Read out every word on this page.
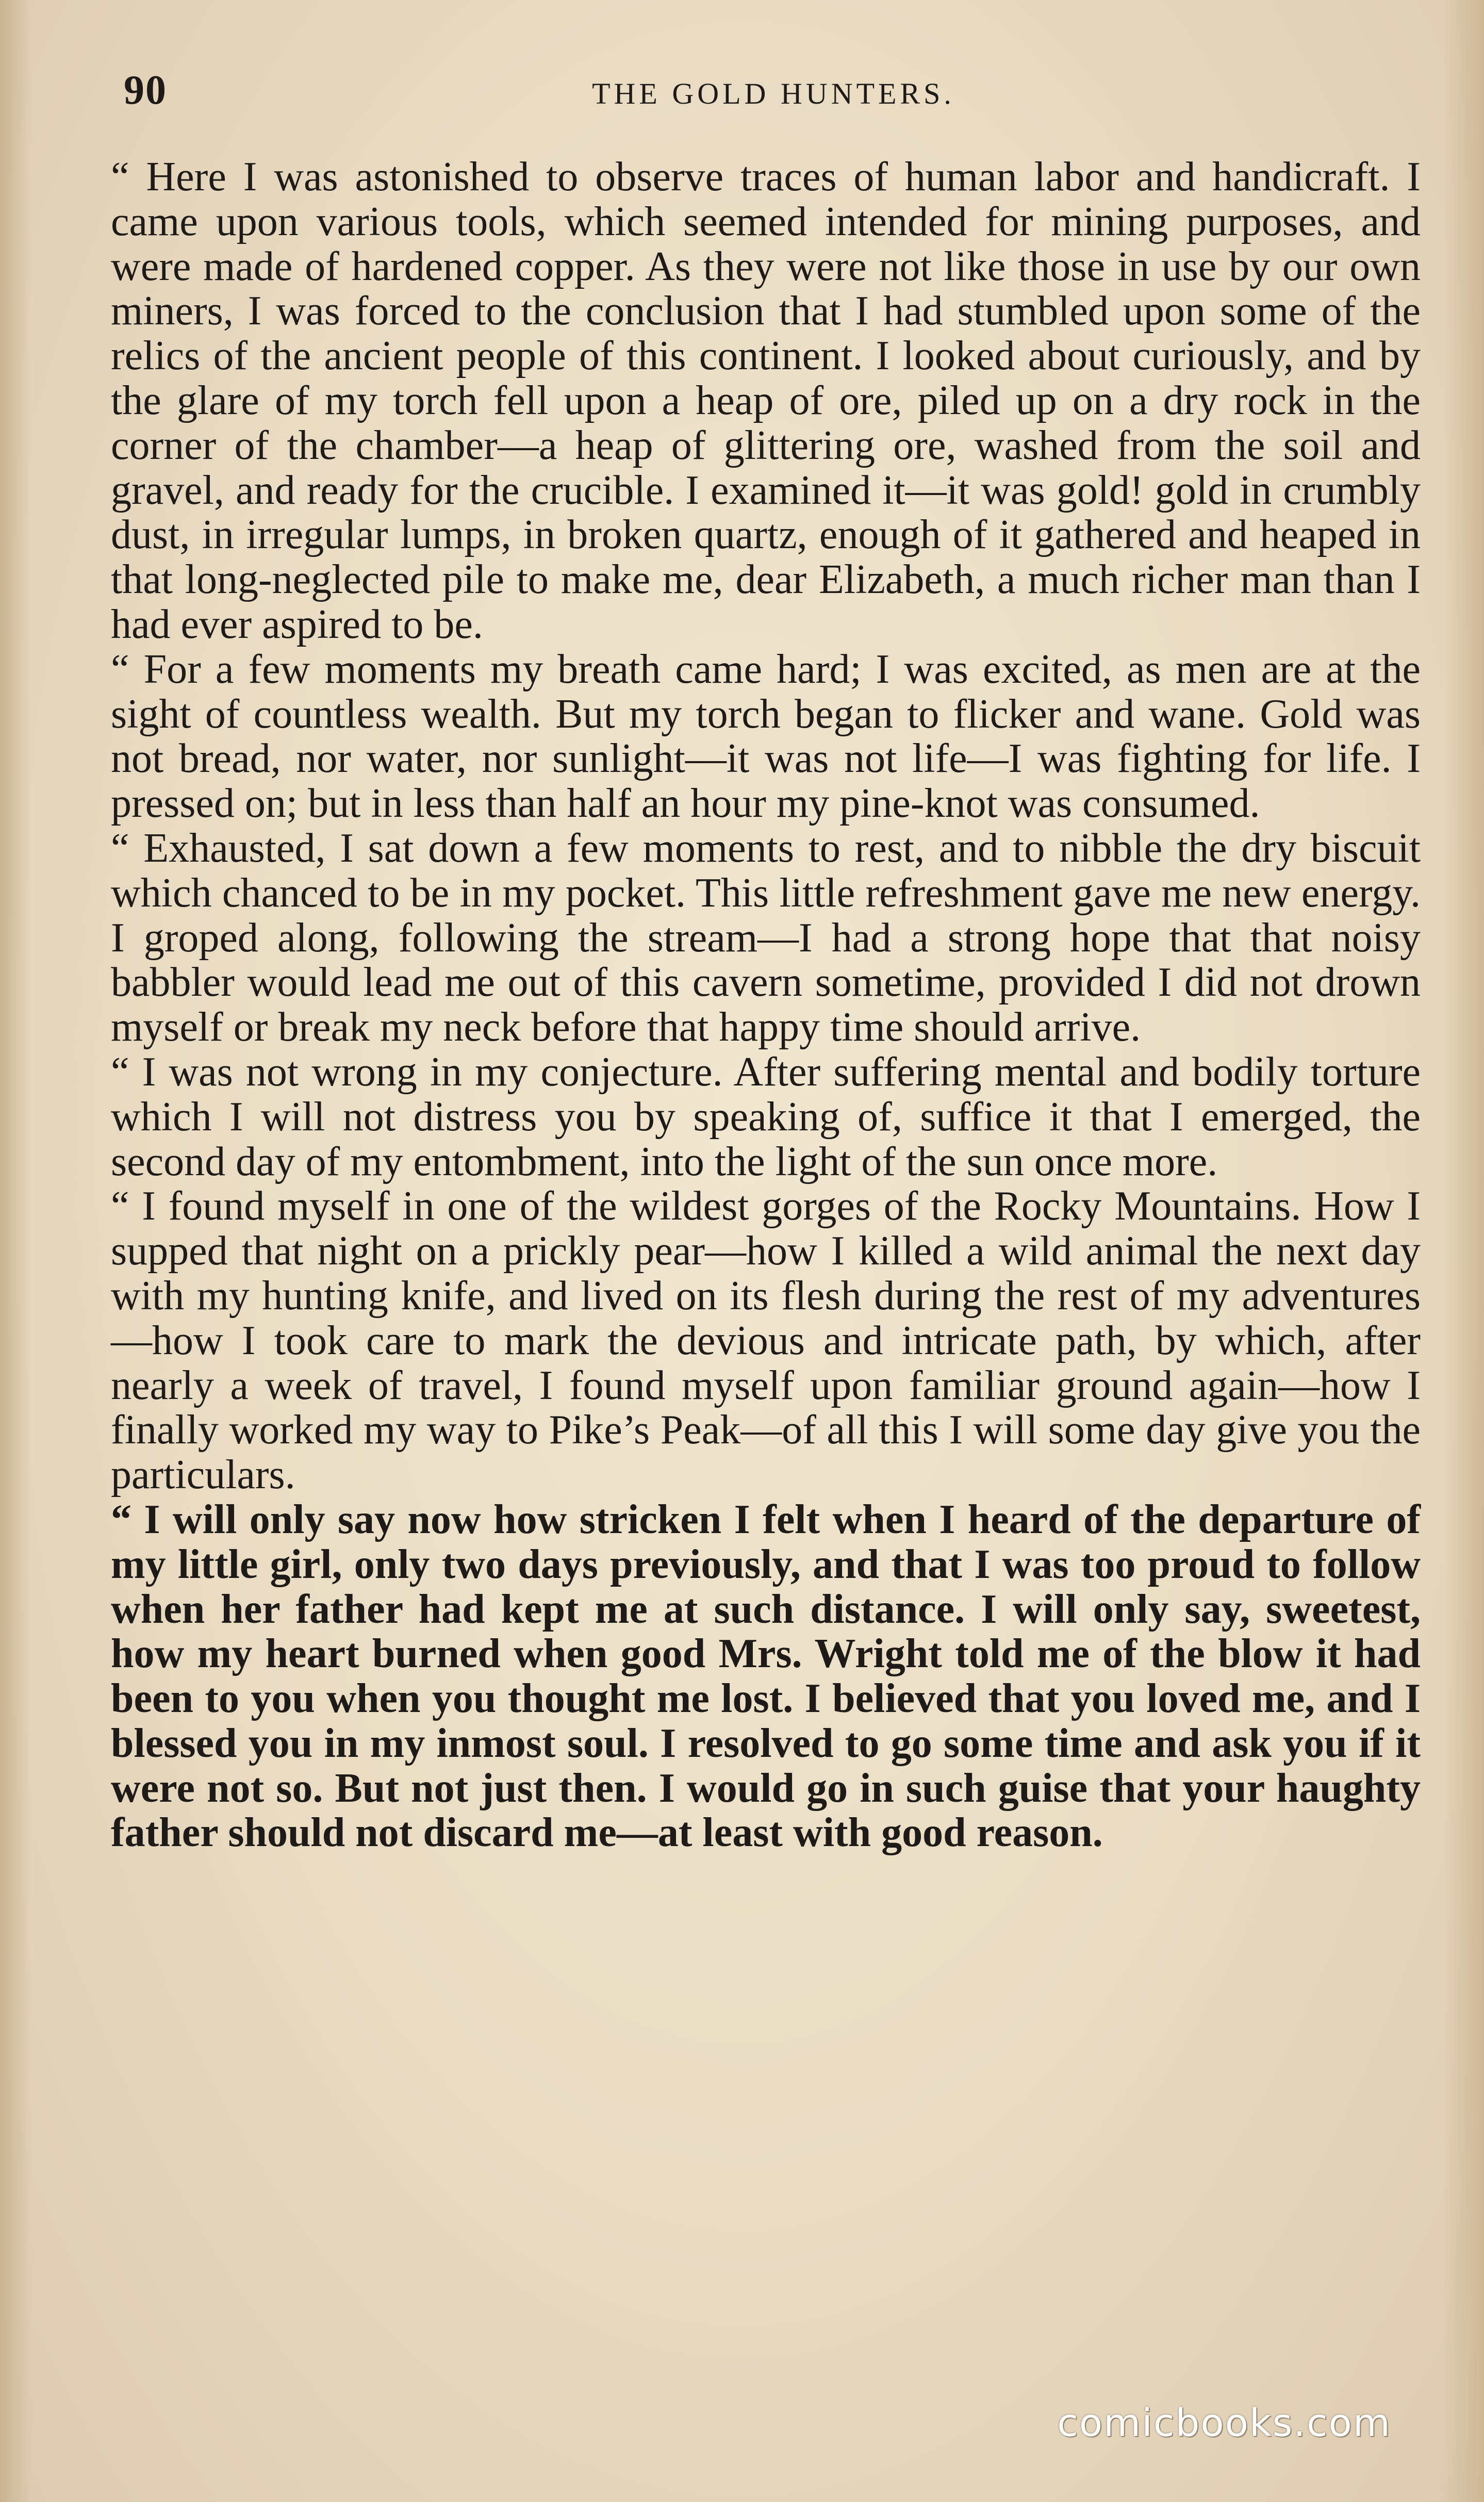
90	THE GOLD HUNTERS.

“ Here I was astonished to observe traces of human labor and handicraft. I came upon various tools, which seemed intended for mining purposes, and were made of hardened copper. As they were not like those in use by our own miners, I was forced to the conclusion that I had stumbled upon some of the relics of the ancient people of this continent. I looked about curiously, and by the glare of my torch fell upon a heap of ore, piled up on a dry rock in the corner of the chamber—a heap of glittering ore, washed from the soil and gravel, and ready for the crucible. I examined it—it was gold! gold in crumbly dust, in irregular lumps, in broken quartz, enough of it gathered and heaped in that long-neglected pile to make me, dear Elizabeth, a much richer man than I had ever aspired to be.

“ For a few moments my breath came hard; I was excited, as men are at the sight of countless wealth. But my torch began to flicker and wane. Gold was not bread, nor water, nor sunlight—it was not life—I was fighting for life. I pressed on; but in less than half an hour my pine-knot was consumed.

“ Exhausted, I sat down a few moments to rest, and to nibble the dry biscuit which chanced to be in my pocket. This little refreshment gave me new energy. I groped along, following the stream—I had a strong hope that that noisy babbler would lead me out of this cavern sometime, provided I did not drown myself or break my neck before that happy time should arrive.

“ I was not wrong in my conjecture. After suffering mental and bodily torture which I will not distress you by speaking of, suffice it that I emerged, the second day of my entombment, into the light of the sun once more.

“ I found myself in one of the wildest gorges of the Rocky Mountains. How I supped that night on a prickly pear—how I killed a wild animal the next day with my hunting knife, and lived on its flesh during the rest of my adventures—how I took care to mark the devious and intricate path, by which, after nearly a week of travel, I found myself upon familiar ground again—how I finally worked my way to Pike’s Peak—of all this I will some day give you the particulars.

“ I will only say now how stricken I felt when I heard of the departure of my little girl, only two days previously, and that I was too proud to follow when her father had kept me at such distance. I will only say, sweetest, how my heart burned when good Mrs. Wright told me of the blow it had been to you when you thought me lost. I believed that you loved me, and I blessed you in my inmost soul. I resolved to go some time and ask you if it were not so. But not just then. I would go in such guise that your haughty father should not discard me—at least with good reason.

comicbooks.com
